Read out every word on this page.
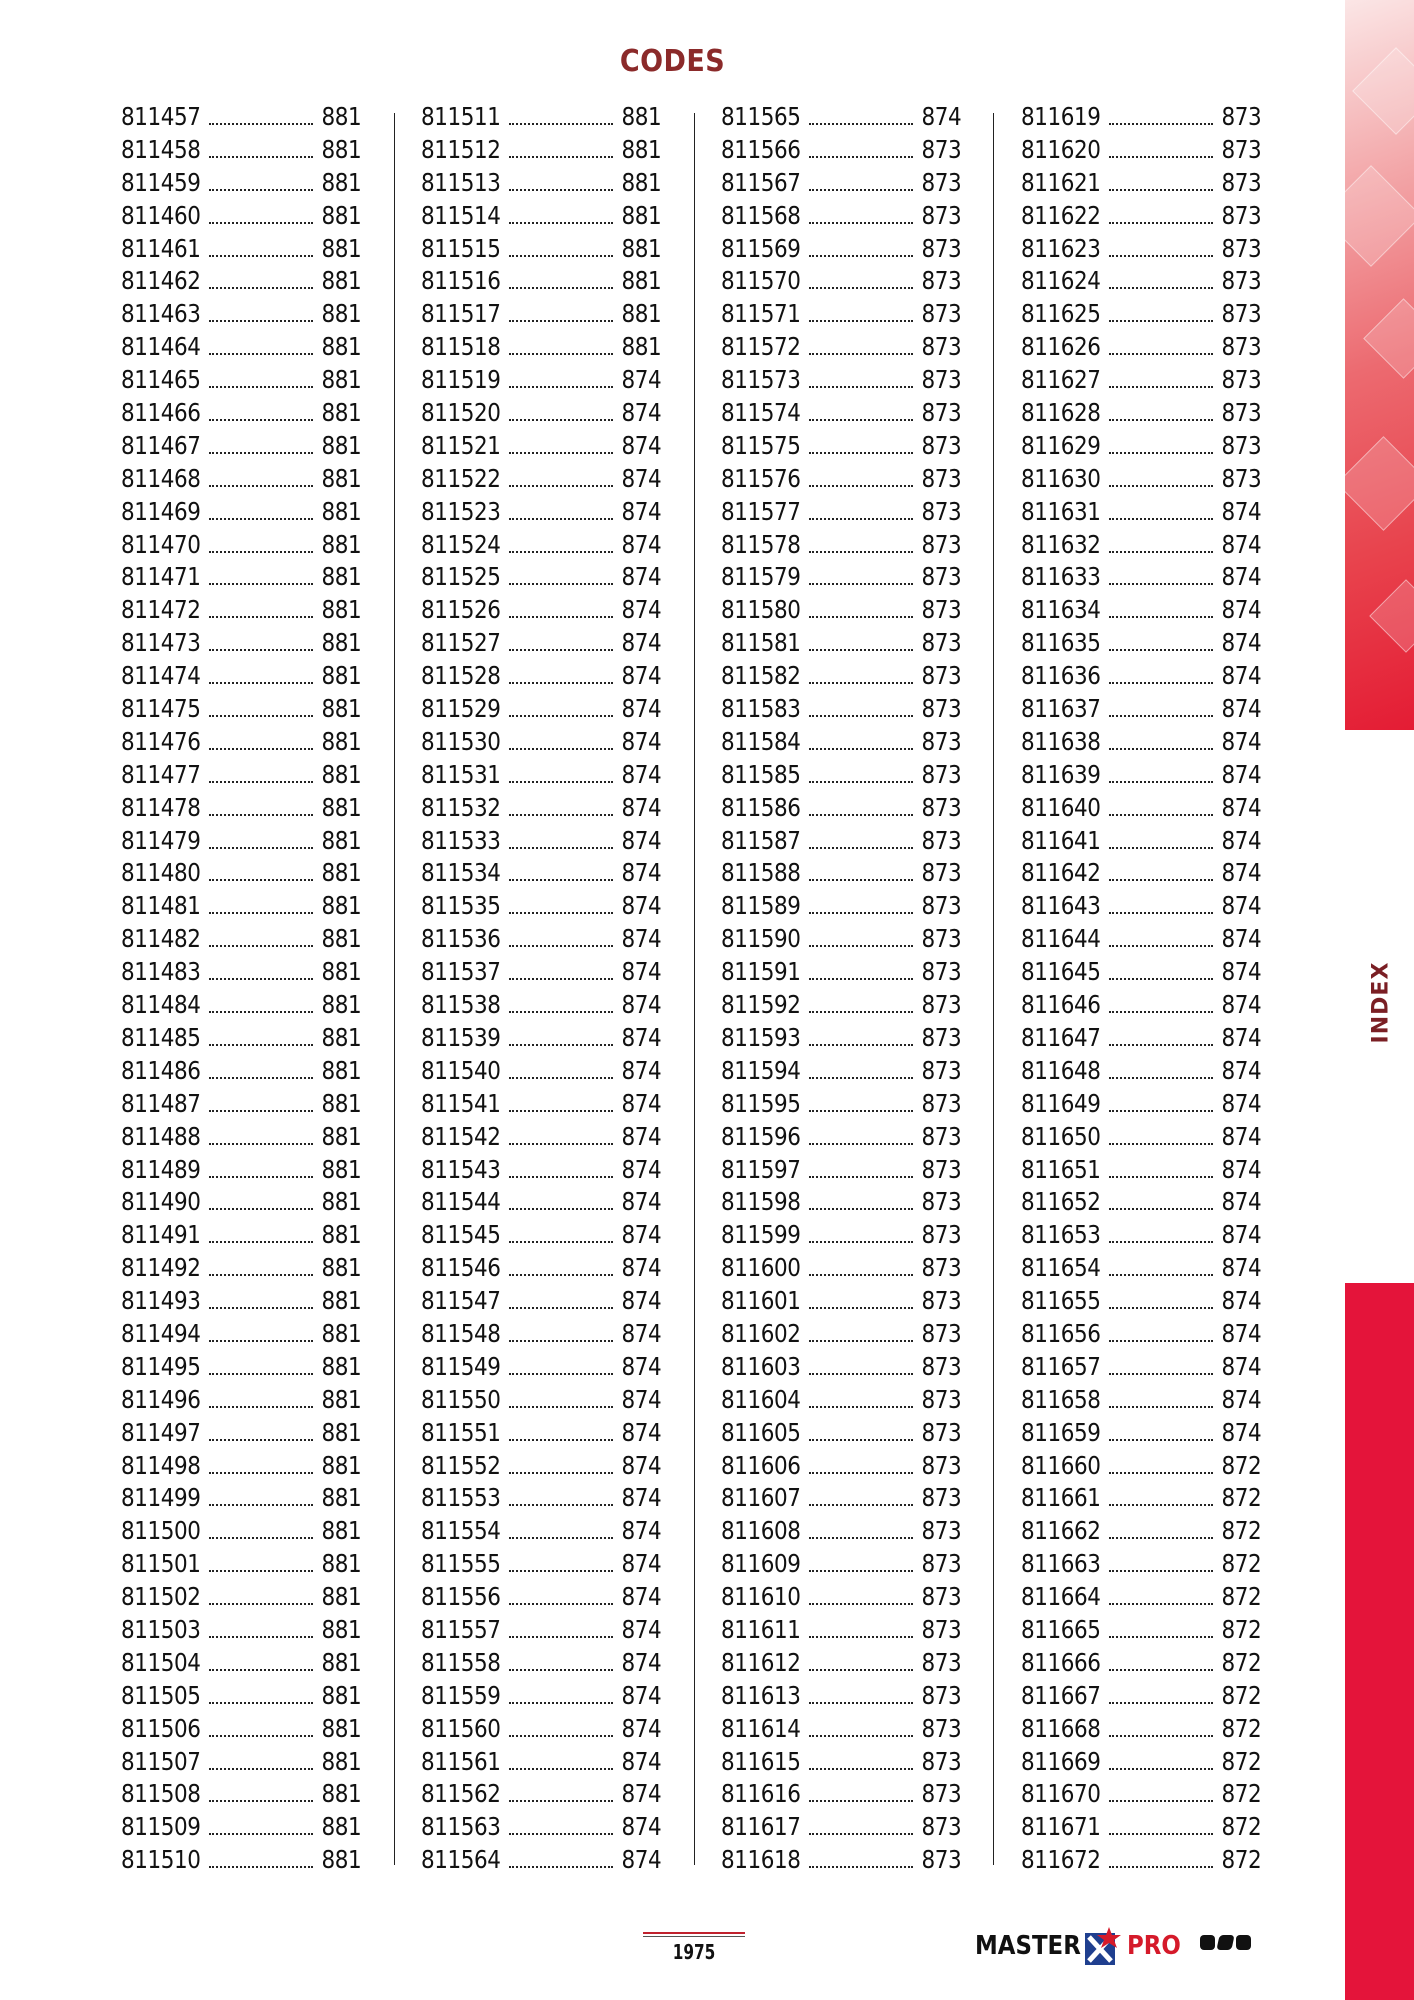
CODES
811457	881
811458	881
811459	881
811460	881
811461	881
811462	881
811463	881
811464	881
811465	881
811466	881
811467	881
811468	881
811469	881
811470	881
811471	881
811472	881
811473	881
811474	881
811475	881
811476	881
811477	881
811478	881
811479	881
811480	881
811481	881
811482	881
811483	881
811484	881
811485	881
811486	881
811487	881
811488	881
811489	881
811490	881
811491	881
811492	881
811493	881
811494	881
811495	881
811496	881
811497	881
811498	881
811499	881
811500	881
811501	881
811502	881
811503	881
811504	881
811505	881
811506	881
811507	881
811508	881
811509	881
811510	881
811511	881
811512	881
811513	881
811514	881
811515	881
811516	881
811517	881
811518	881
811519	874
811520	874
811521	874
811522	874
811523	874
811524	874
811525	874
811526	874
811527	874
811528	874
811529	874
811530	874
811531	874
811532	874
811533	874
811534	874
811535	874
811536	874
811537	874
811538	874
811539	874
811540	874
811541	874
811542	874
811543	874
811544	874
811545	874
811546	874
811547	874
811548	874
811549	874
811550	874
811551	874
811552	874
811553	874
811554	874
811555	874
811556	874
811557	874
811558	874
811559	874
811560	874
811561	874
811562	874
811563	874
811564	874
811565	874
811566	873
811567	873
811568	873
811569	873
811570	873
811571	873
811572	873
811573	873
811574	873
811575	873
811576	873
811577	873
811578	873
811579	873
811580	873
811581	873
811582	873
811583	873
811584	873
811585	873
811586	873
811587	873
811588	873
811589	873
811590	873
811591	873
811592	873
811593	873
811594	873
811595	873
811596	873
811597	873
811598	873
811599	873
811600	873
811601	873
811602	873
811603	873
811604	873
811605	873
811606	873
811607	873
811608	873
811609	873
811610	873
811611	873
811612	873
811613	873
811614	873
811615	873
811616	873
811617	873
811618	873
811619	873
811620	873
811621	873
811622	873
811623	873
811624	873
811625	873
811626	873
811627	873
811628	873
811629	873
811630	873
811631	874
811632	874
811633	874
811634	874
811635	874
811636	874
811637	874
811638	874
811639	874
811640	874
811641	874
811642	874
811643	874
811644	874
811645	874
811646	874
811647	874
811648	874
811649	874
811650	874
811651	874
811652	874
811653	874
811654	874
811655	874
811656	874
811657	874
811658	874
811659	874
811660	872
811661	872
811662	872
811663	872
811664	872
811665	872
811666	872
811667	872
811668	872
811669	872
811670	872
811671	872
811672	872
INDEX
1975	MASTER PRO
